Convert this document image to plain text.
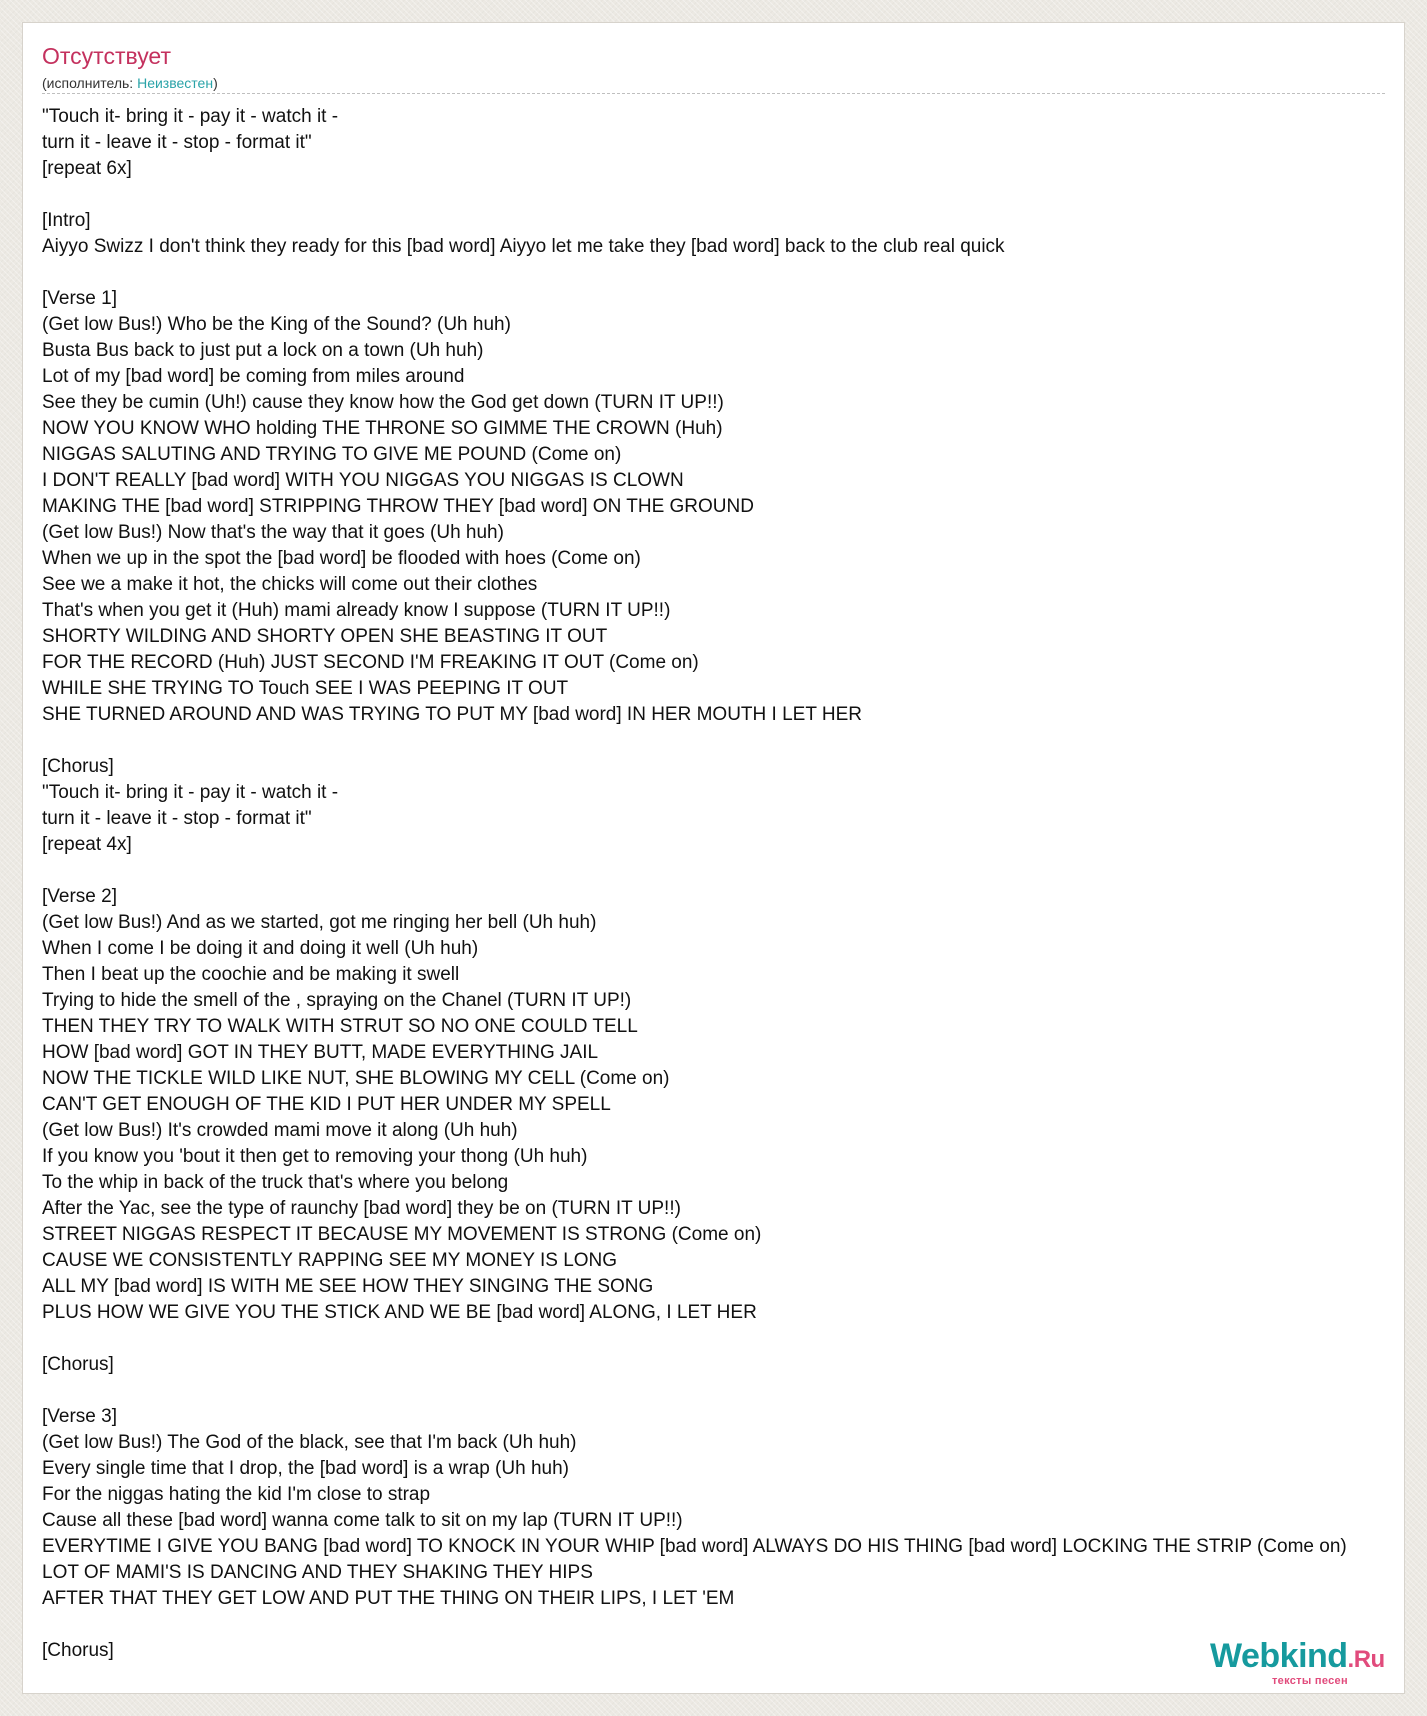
Отсутствует
(исполнитель: Неизвестен)
"Touch it- bring it - pay it - watch it -
turn it - leave it - stop - format it"
[repeat 6x]

[Intro]
Aiyyo Swizz I don't think they ready for this [bad word] Aiyyo let me take they [bad word] back to the club real quick

[Verse 1]
(Get low Bus!) Who be the King of the Sound? (Uh huh)
Busta Bus back to just put a lock on a town (Uh huh)
Lot of my [bad word] be coming from miles around
See they be cumin (Uh!) cause they know how the God get down (TURN IT UP!!)
NOW YOU KNOW WHO holding THE THRONE SO GIMME THE CROWN (Huh)
NIGGAS SALUTING AND TRYING TO GIVE ME POUND (Come on)
I DON'T REALLY [bad word] WITH YOU NIGGAS YOU NIGGAS IS CLOWN
MAKING THE [bad word] STRIPPING THROW THEY [bad word] ON THE GROUND
(Get low Bus!) Now that's the way that it goes (Uh huh)
When we up in the spot the [bad word] be flooded with hoes (Come on)
See we a make it hot, the chicks will come out their clothes
That's when you get it (Huh) mami already know I suppose (TURN IT UP!!)
SHORTY WILDING AND SHORTY OPEN SHE BEASTING IT OUT
FOR THE RECORD (Huh) JUST SECOND I'M FREAKING IT OUT (Come on)
WHILE SHE TRYING TO Touch SEE I WAS PEEPING IT OUT
SHE TURNED AROUND AND WAS TRYING TO PUT MY [bad word] IN HER MOUTH I LET HER

[Chorus]
"Touch it- bring it - pay it - watch it -
turn it - leave it - stop - format it"
[repeat 4x]

[Verse 2]
(Get low Bus!) And as we started, got me ringing her bell (Uh huh)
When I come I be doing it and doing it well (Uh huh)
Then I beat up the coochie and be making it swell
Trying to hide the smell of the , spraying on the Chanel (TURN IT UP!)
THEN THEY TRY TO WALK WITH STRUT SO NO ONE COULD TELL
HOW [bad word] GOT IN THEY BUTT, MADE EVERYTHING JAIL
NOW THE TICKLE WILD LIKE NUT, SHE BLOWING MY CELL (Come on)
CAN'T GET ENOUGH OF THE KID I PUT HER UNDER MY SPELL
(Get low Bus!) It's crowded mami move it along (Uh huh)
If you know you 'bout it then get to removing your thong (Uh huh)
To the whip in back of the truck that's where you belong
After the Yac, see the type of raunchy [bad word] they be on (TURN IT UP!!)
STREET NIGGAS RESPECT IT BECAUSE MY MOVEMENT IS STRONG (Come on)
CAUSE WE CONSISTENTLY RAPPING SEE MY MONEY IS LONG
ALL MY [bad word] IS WITH ME SEE HOW THEY SINGING THE SONG
PLUS HOW WE GIVE YOU THE STICK AND WE BE [bad word] ALONG, I LET HER

[Chorus]

[Verse 3]
(Get low Bus!) The God of the black, see that I'm back (Uh huh)
Every single time that I drop, the [bad word] is a wrap (Uh huh)
For the niggas hating the kid I'm close to strap
Cause all these [bad word] wanna come talk to sit on my lap (TURN IT UP!!)
EVERYTIME I GIVE YOU BANG [bad word] TO KNOCK IN YOUR WHIP [bad word] ALWAYS DO HIS THING [bad word] LOCKING THE STRIP (Come on)
LOT OF MAMI'S IS DANCING AND THEY SHAKING THEY HIPS
AFTER THAT THEY GET LOW AND PUT THE THING ON THEIR LIPS, I LET 'EM

[Chorus]	Webkind.Ru
тексты песен
